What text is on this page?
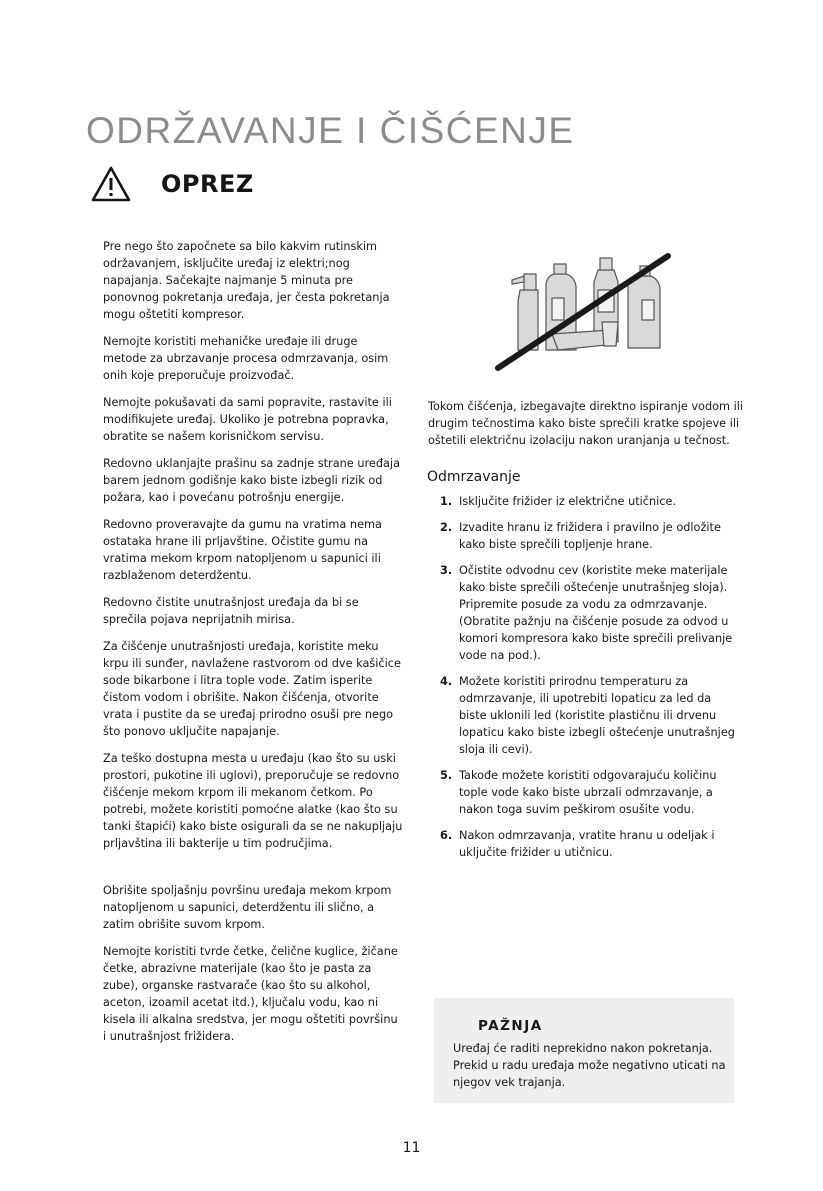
ODRŽAVANJE I ČIŠĆENJE
OPREZ

Pre nego što započnete sa bilo kakvim rutinskim održavanjem, isključite uređaj iz elektri;nog napajanja. Sačekajte najmanje 5 minuta pre ponovnog pokretanja uređaja, jer česta pokretanja mogu oštetiti kompresor.

Nemojte koristiti mehaničke uređaje ili druge metode za ubrzavanje procesa odmrzavanja, osim onih koje preporučuje proizvođač.

Nemojte pokušavati da sami popravite, rastavite ili modifikujete uređaj. Ukoliko je potrebna popravka, obratite se našem korisničkom servisu.

Redovno uklanjajte prašinu sa zadnje strane uređaja barem jednom godišnje kako biste izbegli rizik od požara, kao i povećanu potrošnju energije.

Redovno proveravajte da gumu na vratima nema ostataka hrane ili prljavštine. Očistite gumu na vratima mekom krpom natopljenom u sapunici ili razblaženom deterdžentu.

Redovno čistite unutrašnjost uređaja da bi se sprečila pojava neprijatnih mirisa.

Za čišćenje unutrašnjosti uređaja, koristite meku krpu ili sunđer, navlažene rastvorom od dve kašičice sode bikarbone i litra tople vode. Zatim isperite čistom vodom i obrišite. Nakon čišćenja, otvorite vrata i pustite da se uređaj prirodno osuši pre nego što ponovo uključite napajanje.

Za teško dostupna mesta u uređaju (kao što su uski prostori, pukotine ili uglovi), preporučuje se redovno čišćenje mekom krpom ili mekanom četkom. Po potrebi, možete koristiti pomoćne alatke (kao što su tanki štapići) kako biste osigurali da se ne nakupljaju prljavština ili bakterije u tim područjima.

Obrišite spoljašnju površinu uređaja mekom krpom natopljenom u sapunici, deterdžentu ili slično, a zatim obrišite suvom krpom.

Nemojte koristiti tvrde četke, čelične kuglice, žičane četke, abrazivne materijale (kao što je pasta za zube), organske rastvarače (kao što su alkohol, aceton, izoamil acetat itd.), ključalu vodu, kao ni kisela ili alkalna sredstva, jer mogu oštetiti površinu i unutrašnjost frižidera.

Tokom čišćenja, izbegavajte direktno ispiranje vodom ili drugim tečnostima kako biste sprečili kratke spojeve ili oštetili električnu izolaciju nakon uranjanja u tečnost.

Odmrzavanje
1. Isključite frižider iz električne utičnice.
2. Izvadite hranu iz frižidera i pravilno je odložite kako biste sprečili topljenje hrane.
3. Očistite odvodnu cev (koristite meke materijale kako biste sprečili oštećenje unutrašnjeg sloja). Pripremite posude za vodu za odmrzavanje.
(Obratite pažnju na čišćenje posude za odvod u komori kompresora kako biste sprečili prelivanje vode na pod.).
4. Možete koristiti prirodnu temperaturu za odmrzavanje, ili upotrebiti lopaticu za led da biste uklonili led (koristite plastičnu ili drvenu lopaticu kako biste izbegli oštećenje unutrašnjeg sloja ili cevi).
5. Takođe možete koristiti odgovarajuću količinu tople vode kako biste ubrzali odmrzavanje, a nakon toga suvim peškirom osušite vodu.
6. Nakon odmrzavanja, vratite hranu u odeljak i uključite frižider u utičnicu.
PAŽNJA

Uređaj će raditi neprekidno nakon pokretanja. Prekid u radu uređaja može negativno uticati na njegov vek trajanja.

11
